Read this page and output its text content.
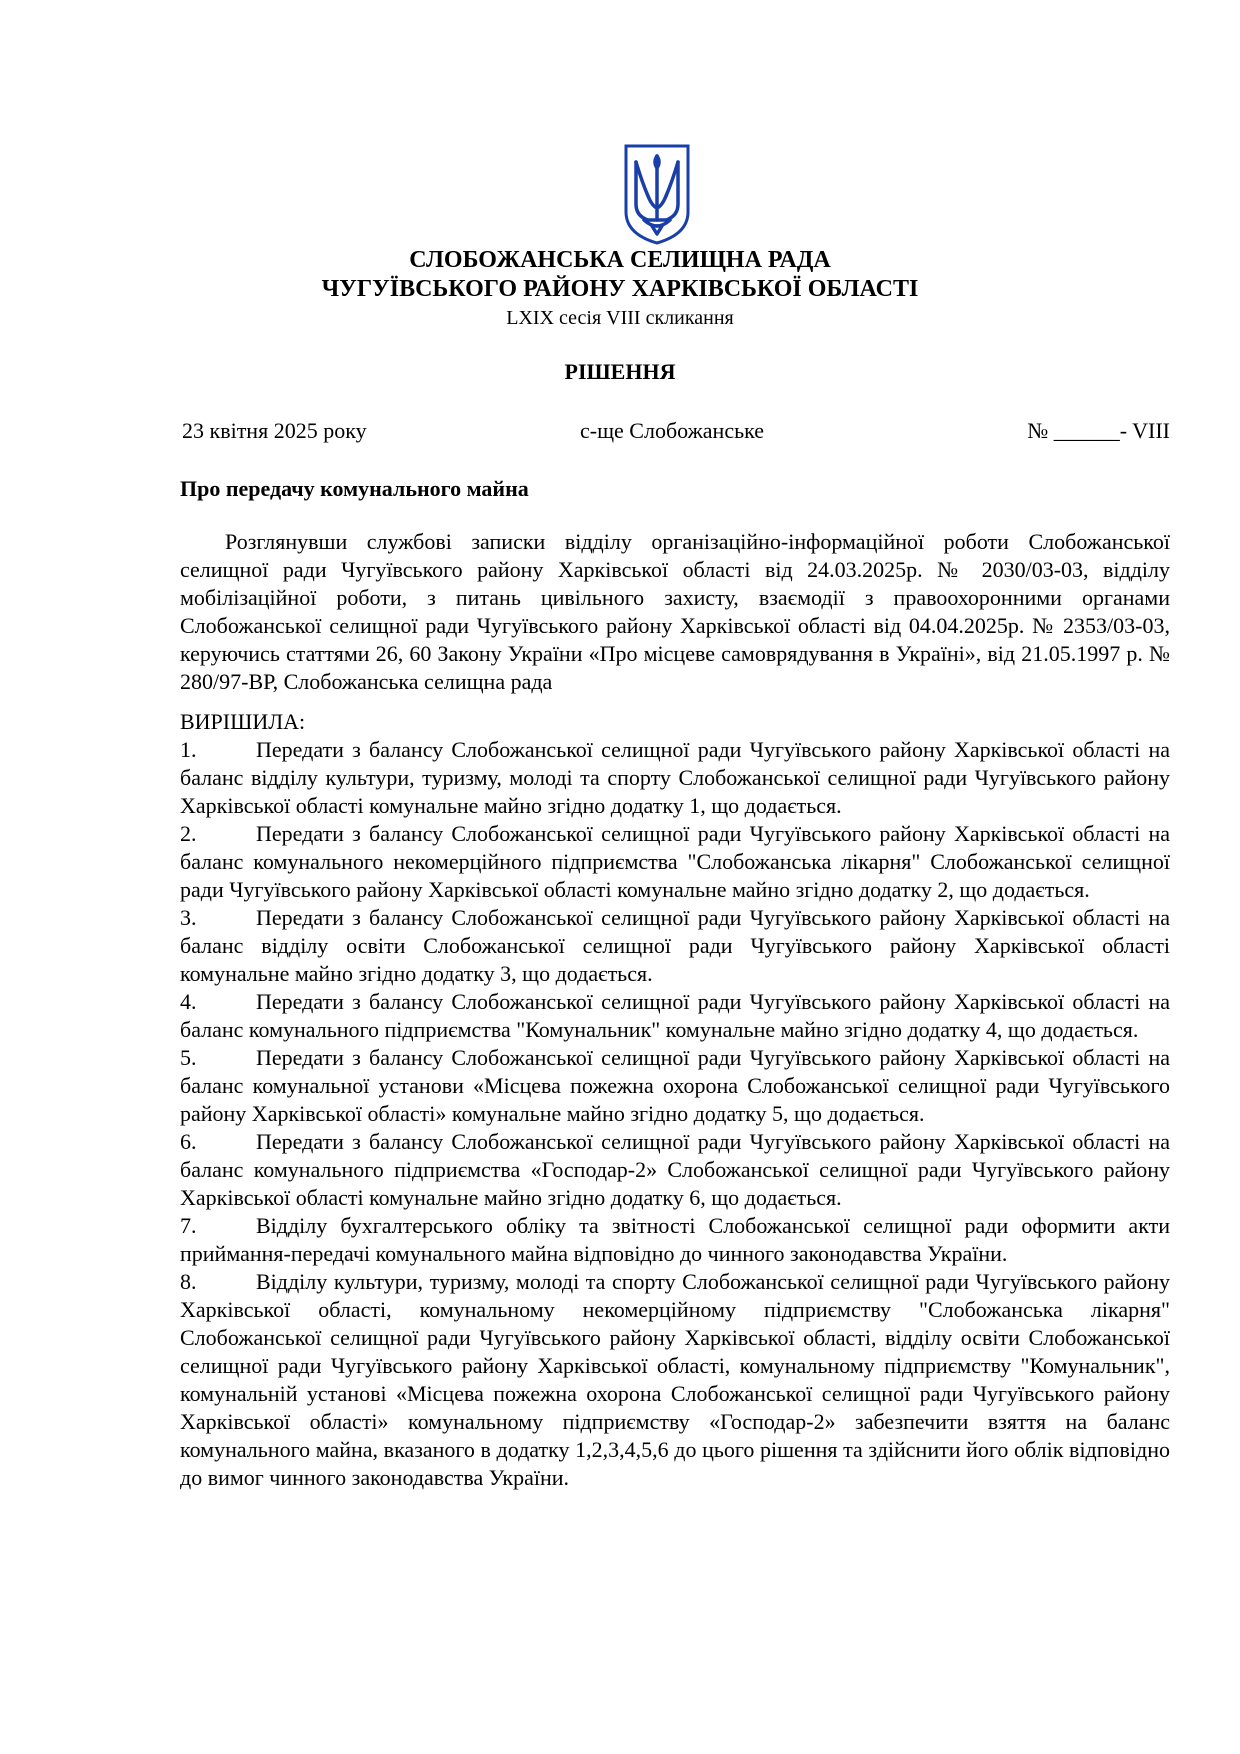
СЛОБОЖАНСЬКА СЕЛИЩНА РАДА
ЧУГУЇВСЬКОГО РАЙОНУ ХАРКІВСЬКОЇ ОБЛАСТІ
LXIX сесія VIII скликання
РІШЕННЯ
23 квітня 2025 року	с-ще Слобожанське	№ ______- VIII
Про передачу комунального майна

Розглянувши службові записки відділу організаційно-інформаційної роботи Слобожанської селищної ради Чугуївського району Харківської області від 24.03.2025р. № 2030/03-03, відділу мобілізаційної роботи, з питань цивільного захисту, взаємодії з правоохоронними органами Слобожанської селищної ради Чугуївського району Харківської області від 04.04.2025р. № 2353/03-03, керуючись статтями 26, 60 Закону України «Про місцеве самоврядування в Україні», від 21.05.1997 р. № 280/97-ВР, Слобожанська селищна рада

ВИРІШИЛА:

1.	Передати з балансу Слобожанської селищної ради Чугуївського району Харківської області на баланс відділу культури, туризму, молоді та спорту Слобожанської селищної ради Чугуївського району Харківської області комунальне майно згідно додатку 1, що додається.

2.	Передати з балансу Слобожанської селищної ради Чугуївського району Харківської області на баланс комунального некомерційного підприємства "Слобожанська лікарня" Слобожанської селищної ради Чугуївського району Харківської області комунальне майно згідно додатку 2, що додається.

3.	Передати з балансу Слобожанської селищної ради Чугуївського району Харківської області на баланс відділу освіти Слобожанської селищної ради Чугуївського району Харківської області комунальне майно згідно додатку 3, що додається.

4.	Передати з балансу Слобожанської селищної ради Чугуївського району Харківської області на баланс комунального підприємства "Комунальник" комунальне майно згідно додатку 4, що додається.

5.	Передати з балансу Слобожанської селищної ради Чугуївського району Харківської області на баланс комунальної установи «Місцева пожежна охорона Слобожанської селищної ради Чугуївського району Харківської області» комунальне майно згідно додатку 5, що додається.

6.	Передати з балансу Слобожанської селищної ради Чугуївського району Харківської області на баланс комунального підприємства «Господар-2» Слобожанської селищної ради Чугуївського району Харківської області комунальне майно згідно додатку 6, що додається.

7.	Відділу бухгалтерського обліку та звітності Слобожанської селищної ради оформити акти приймання-передачі комунального майна відповідно до чинного законодавства України.

8.	Відділу культури, туризму, молоді та спорту Слобожанської селищної ради Чугуївського району Харківської області, комунальному некомерційному підприємству "Слобожанська лікарня" Слобожанської селищної ради Чугуївського району Харківської області, відділу освіти Слобожанської селищної ради Чугуївського району Харківської області, комунальному підприємству "Комунальник", комунальній установі «Місцева пожежна охорона Слобожанської селищної ради Чугуївського району Харківської області» комунальному підприємству «Господар-2» забезпечити взяття на баланс комунального майна, вказаного в додатку 1,2,3,4,5,6 до цього рішення та здійснити його облік відповідно до вимог чинного законодавства України.
